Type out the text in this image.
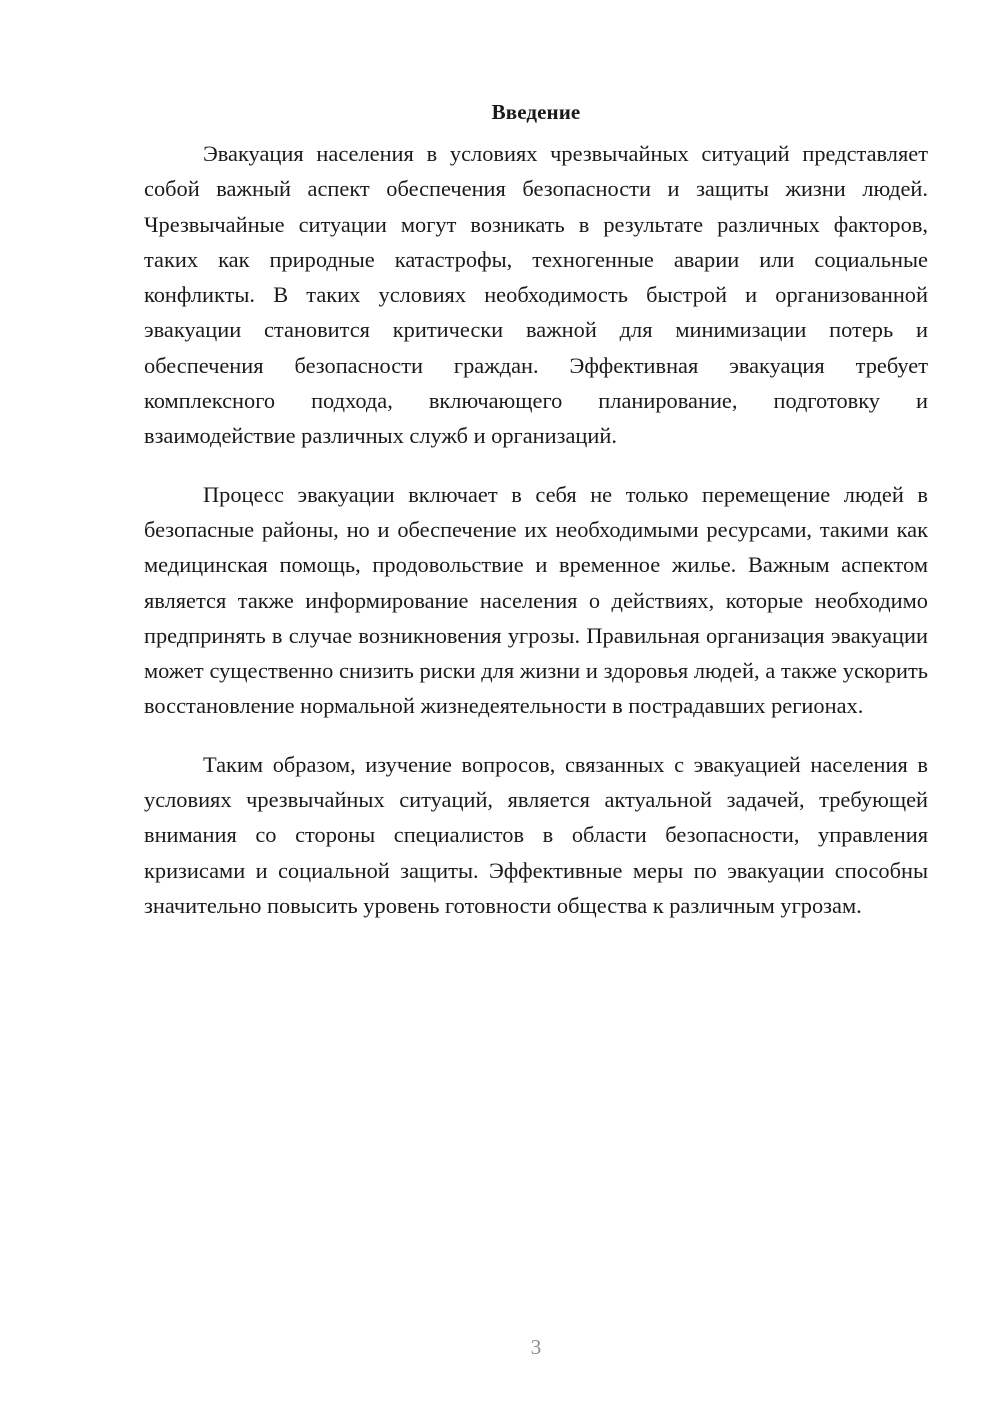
Введение

Эвакуация населения в условиях чрезвычайных ситуаций представляет собой важный аспект обеспечения безопасности и защиты жизни людей. Чрезвычайные ситуации могут возникать в результате различных факторов, таких как природные катастрофы, техногенные аварии или социальные конфликты. В таких условиях необходимость быстрой и организованной эвакуации становится критически важной для минимизации потерь и обеспечения безопасности граждан. Эффективная эвакуация требует комплексного подхода, включающего планирование, подготовку и взаимодействие различных служб и организаций.

Процесс эвакуации включает в себя не только перемещение людей в безопасные районы, но и обеспечение их необходимыми ресурсами, такими как медицинская помощь, продовольствие и временное жилье. Важным аспектом является также информирование населения о действиях, которые необходимо предпринять в случае возникновения угрозы. Правильная организация эвакуации может существенно снизить риски для жизни и здоровья людей, а также ускорить восстановление нормальной жизнедеятельности в пострадавших регионах.

Таким образом, изучение вопросов, связанных с эвакуацией населения в условиях чрезвычайных ситуаций, является актуальной задачей, требующей внимания со стороны специалистов в области безопасности, управления кризисами и социальной защиты. Эффективные меры по эвакуации способны значительно повысить уровень готовности общества к различным угрозам.

3
